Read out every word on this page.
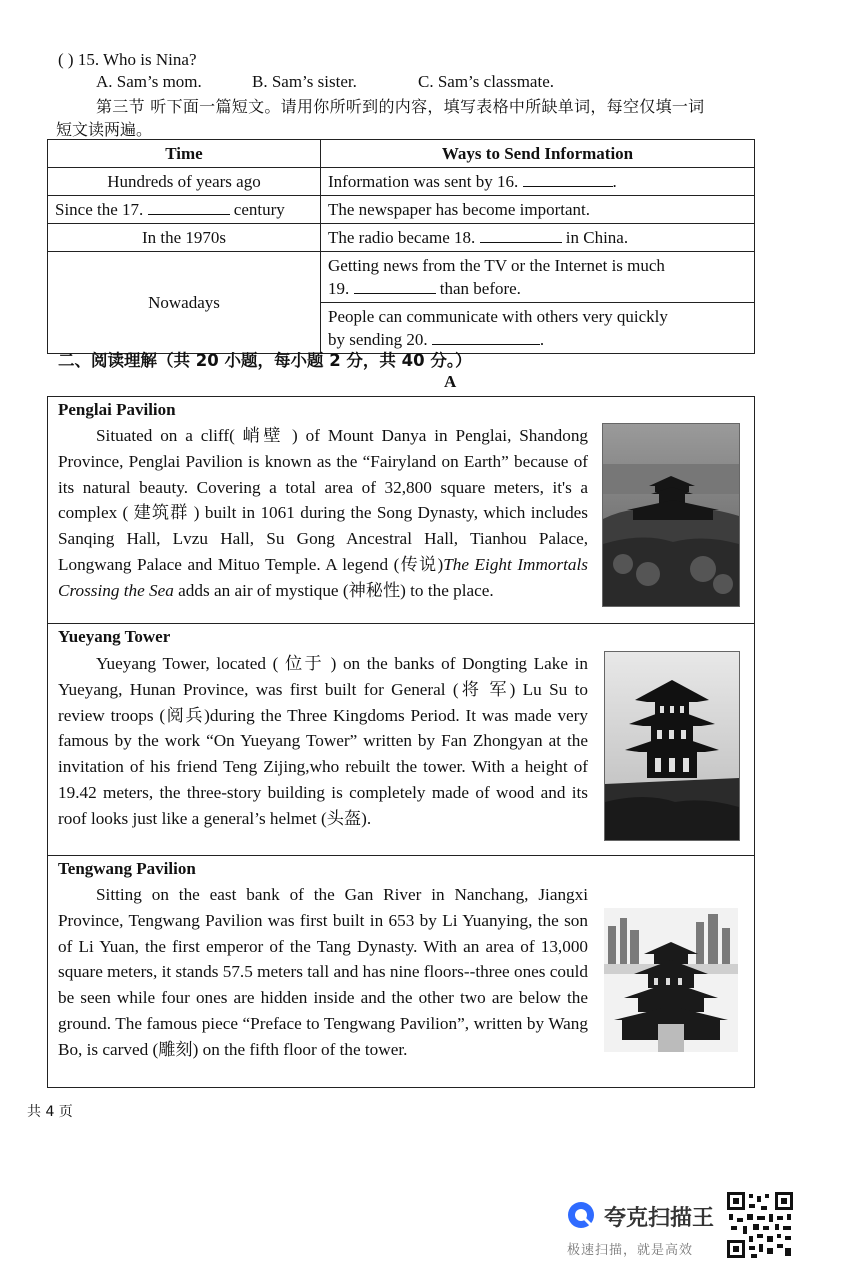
( ) 15. Who is Nina?
A. Sam’s mom.	B. Sam’s sister.	C. Sam’s classmate.
第三节 听下面一篇短文。请用你所听到的内容，填写表格中所缺单词，每空仅填一词
短文读两遍。
Time	Ways to Send Information
Hundreds of years ago	Information was sent by 16. .
Since the 17. century	The newspaper has become important.
In the 1970s	The radio became 18. in China.
Nowadays	Getting news from the TV or the Internet is much
19. than before.
	People can communicate with others very quickly
by sending 20. .
二、阅读理解（共 20 小题，每小题 2 分，共 40 分。）
A
Penglai Pavilion
Situated on a cliff( 峭壁 ) of Mount Danya in Penglai, Shandong Province, Penglai Pavilion is known as the “Fairyland on Earth” because of its natural beauty. Covering a total area of 32,800 square meters, it's a complex ( 建筑群 ) built in 1061 during the Song Dynasty, which includes Sanqing Hall, Lvzu Hall, Su Gong Ancestral Hall, Tianhou Palace, Longwang Palace and Mituo Temple. A legend (传说)The Eight Immortals Crossing the Sea adds an air of mystique (神秘性) to the place.
Yueyang Tower
Yueyang Tower, located ( 位于 ) on the banks of Dongting Lake in Yueyang, Hunan Province, was first built for General (将 军) Lu Su to review troops (阅兵)during the Three Kingdoms Period. It was made very famous by the work “On Yueyang Tower” written by Fan Zhongyan at the invitation of his friend Teng Zijing,who rebuilt the tower. With a height of 19.42 meters, the three-story building is completely made of wood and its roof looks just like a general’s helmet (头盔).
Tengwang Pavilion
Sitting on the east bank of the Gan River in Nanchang, Jiangxi Province, Tengwang Pavilion was first built in 653 by Li Yuanying, the son of Li Yuan, the first emperor of the Tang Dynasty. With an area of 13,000 square meters, it stands 57.5 meters tall and has nine floors--three ones could be seen while four ones are hidden inside and the other two are below the ground. The famous piece “Preface to Tengwang Pavilion”, written by Wang Bo, is carved (雕刻) on the fifth floor of the tower.
共 4 页
夸克扫描王
极速扫描，就是高效
